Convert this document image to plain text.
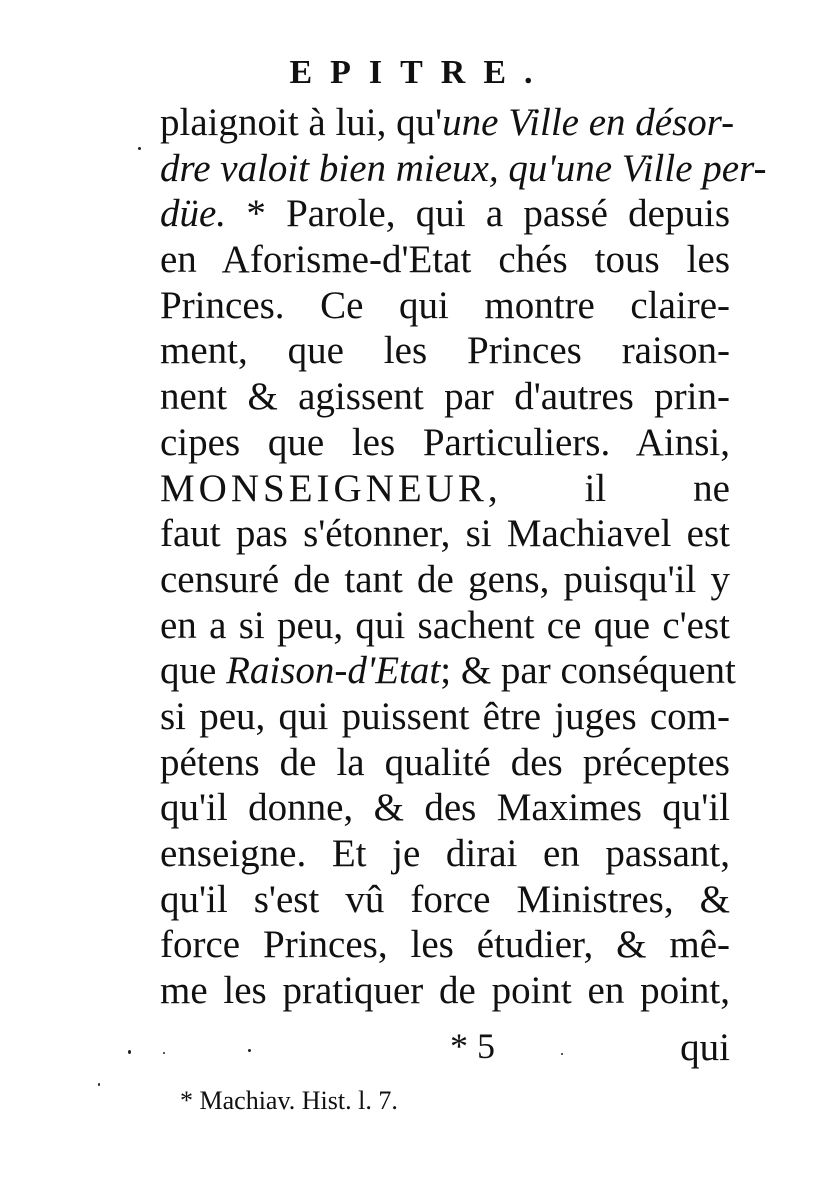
EPITRE.
plaignoit à lui, qu'une Ville en désor-
dre valoit bien mieux, qu'une Ville per-
düe. * Parole, qui a passé depuis
en Aforisme-d'Etat chés tous les
Princes. Ce qui montre claire-
ment, que les Princes raison-
nent & agissent par d'autres prin-
cipes que les Particuliers. Ainsi,
MONSEIGNEUR, il ne
faut pas s'étonner, si Machiavel est
censuré de tant de gens, puisqu'il y
en a si peu, qui sachent ce que c'est
que Raison-d'Etat; & par conséquent
si peu, qui puissent être juges com-
pétens de la qualité des préceptes
qu'il donne, & des Maximes qu'il
enseigne. Et je dirai en passant,
qu'il s'est vû force Ministres, &
force Princes, les étudier, & mê-
me les pratiquer de point en point,
* 5	qui
* Machiav. Hist. l. 7.
